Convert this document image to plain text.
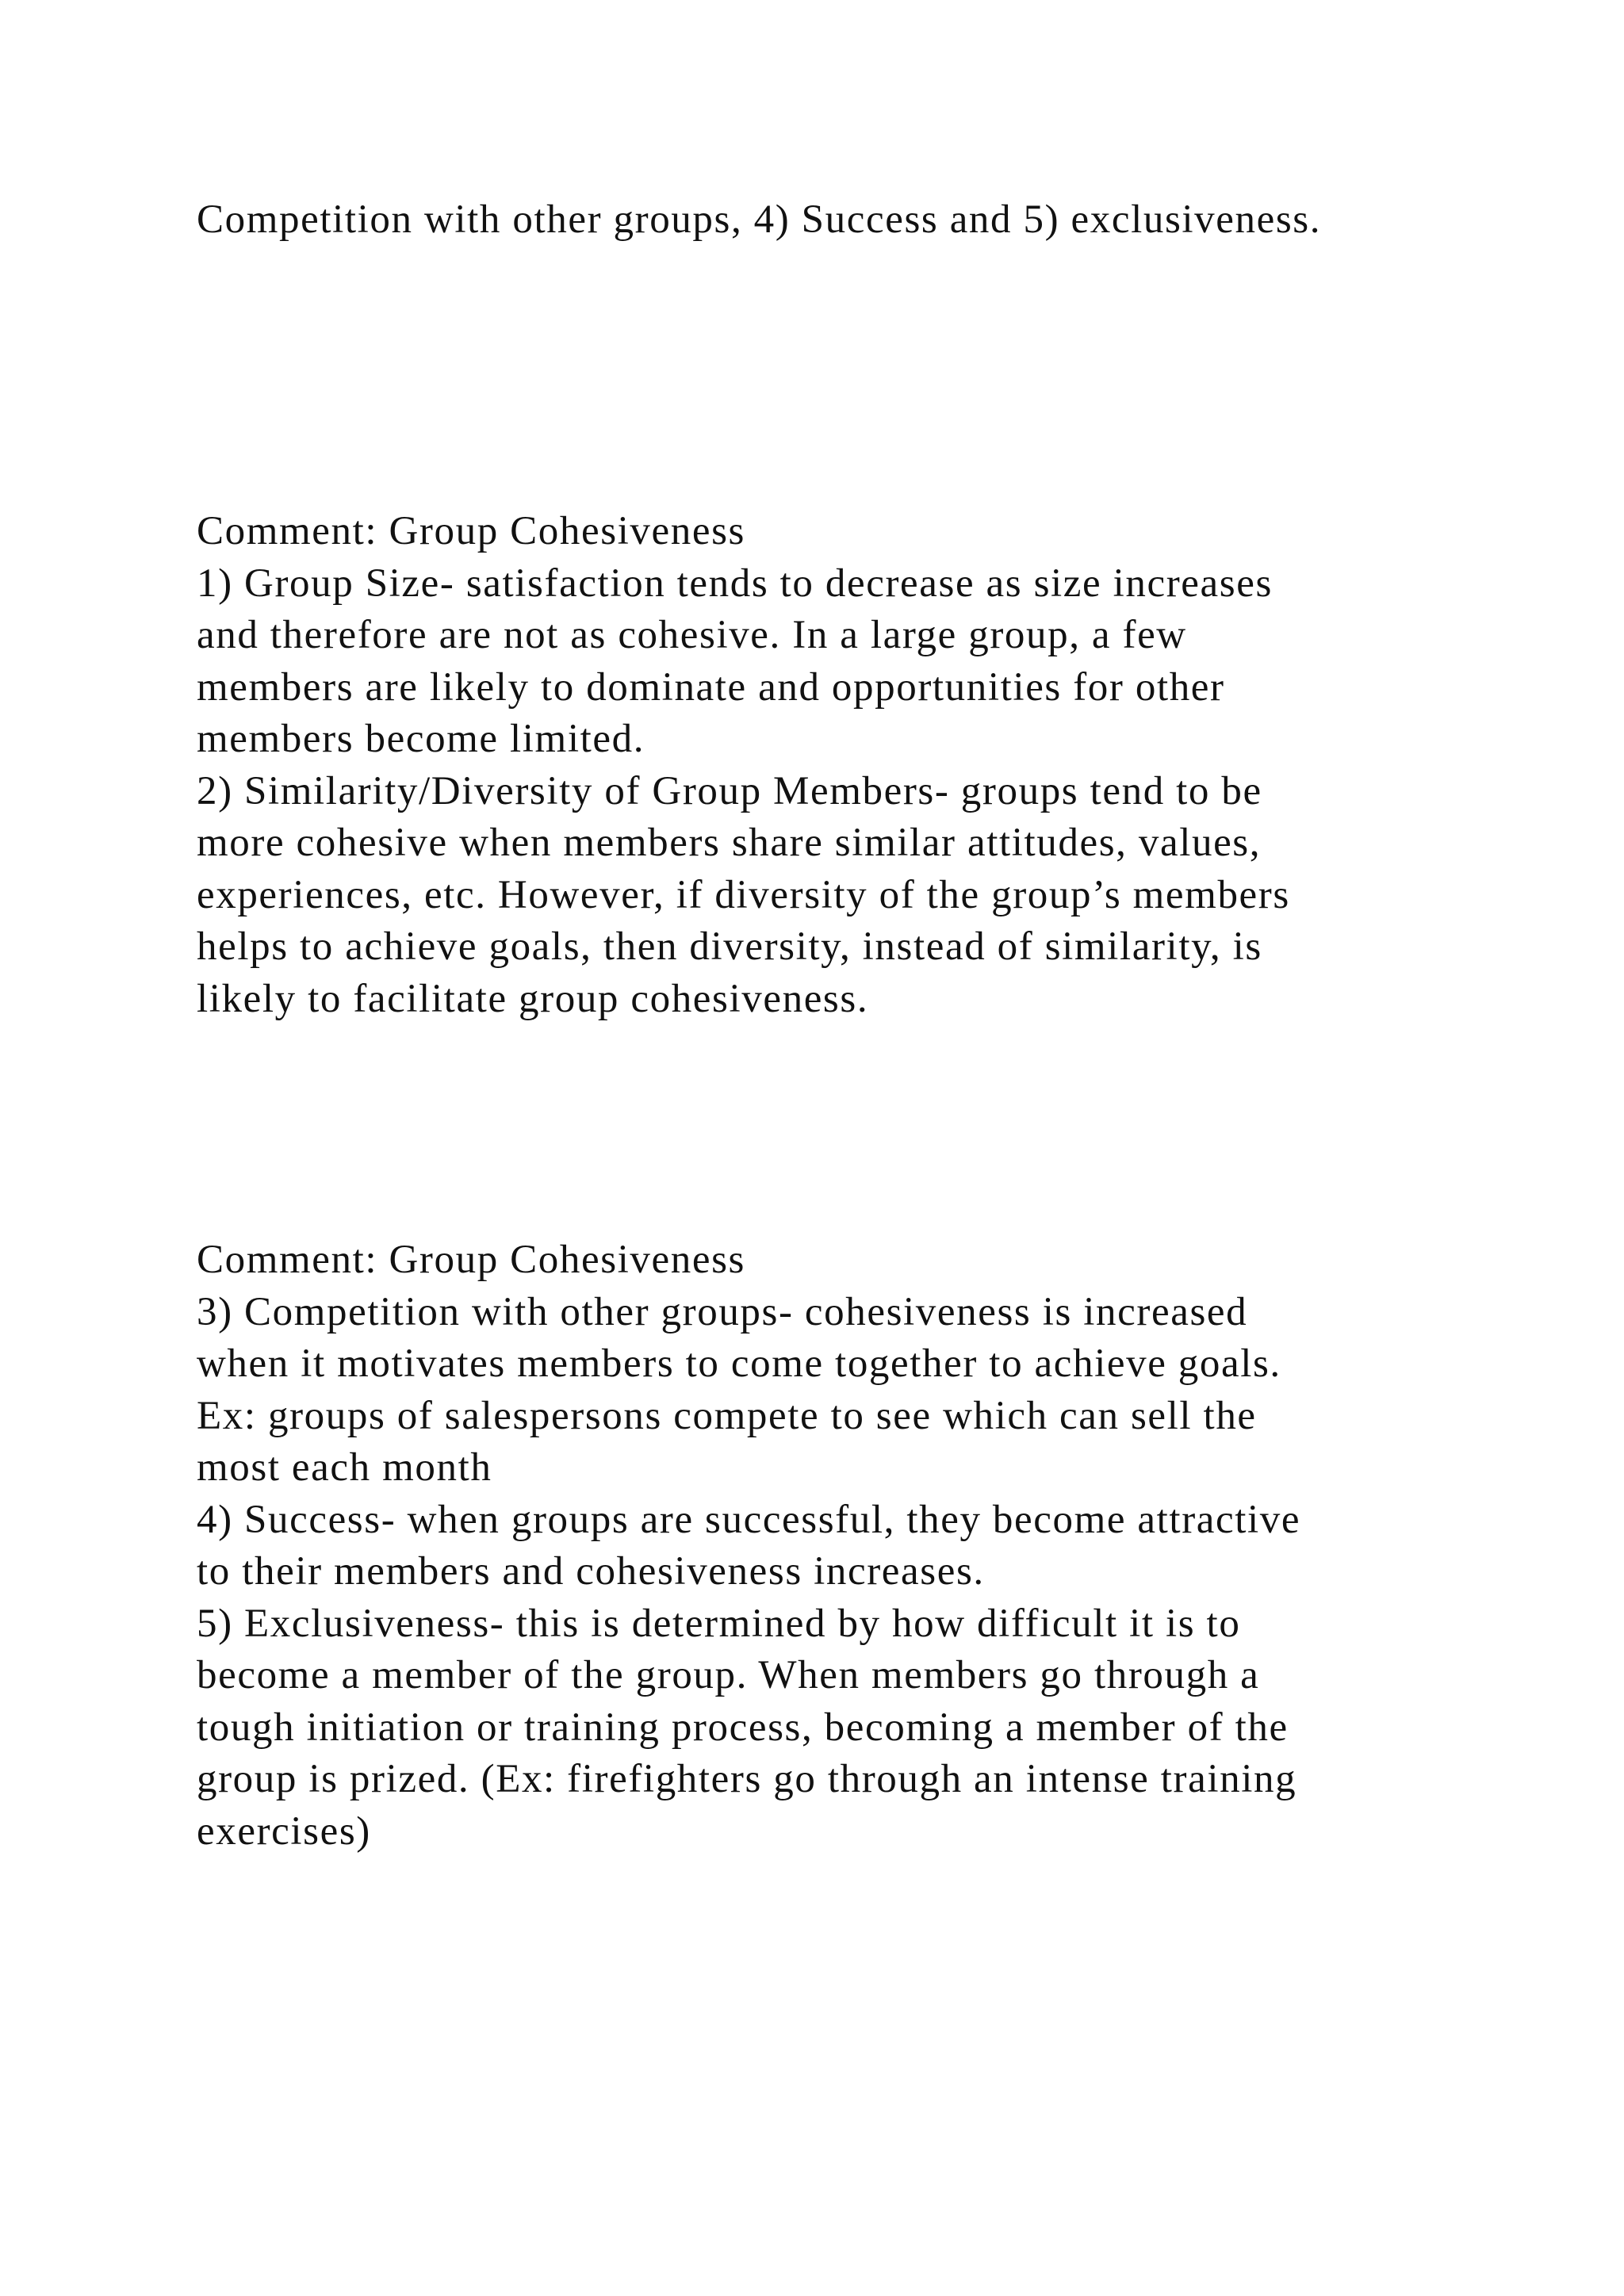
Competition with other groups, 4) Success and 5) exclusiveness.
Comment: Group Cohesiveness
1) Group Size- satisfaction tends to decrease as size increases
and therefore are not as cohesive. In a large group, a few
members are likely to dominate and opportunities for other
members become limited.
2) Similarity/Diversity of Group Members- groups tend to be
more cohesive when members share similar attitudes, values,
experiences, etc. However, if diversity of the group’s members
helps to achieve goals, then diversity, instead of similarity, is
likely to facilitate group cohesiveness.
Comment: Group Cohesiveness
3) Competition with other groups- cohesiveness is increased
when it motivates members to come together to achieve goals.
Ex: groups of salespersons compete to see which can sell the
most each month
4) Success- when groups are successful, they become attractive
to their members and cohesiveness increases.
5) Exclusiveness- this is determined by how difficult it is to
become a member of the group. When members go through a
tough initiation or training process, becoming a member of the
group is prized. (Ex: firefighters go through an intense training
exercises)
